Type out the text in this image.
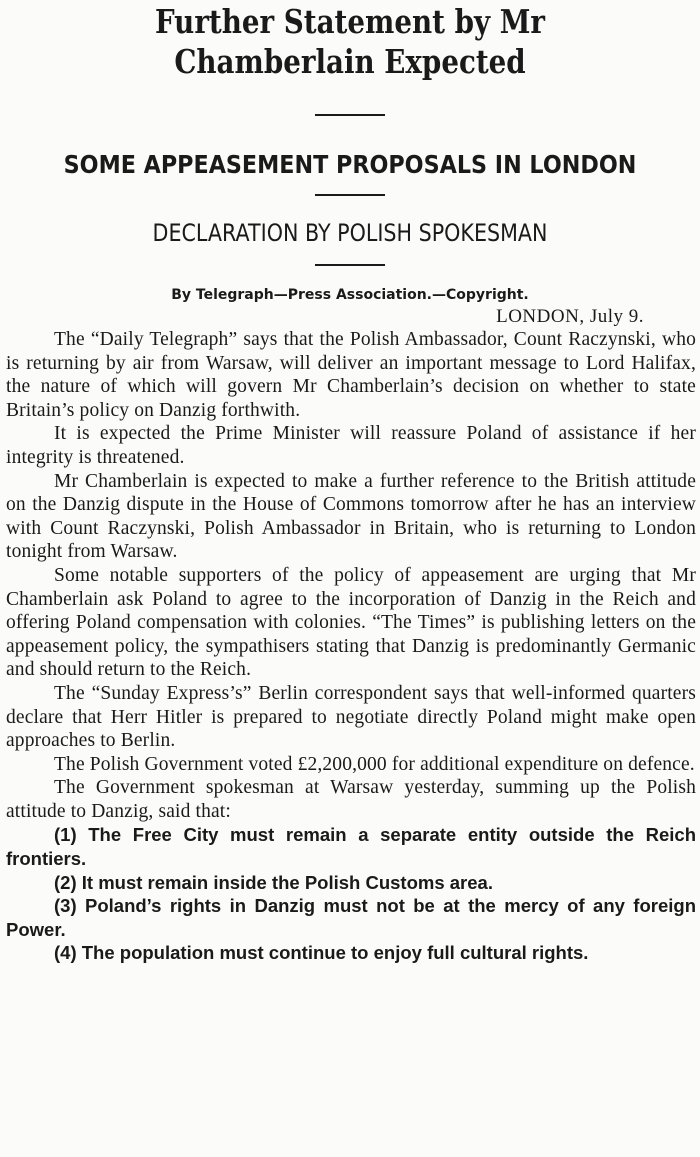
Further Statement by Mr Chamberlain Expected
SOME APPEASEMENT PROPOSALS IN LONDON
DECLARATION BY POLISH SPOKESMAN

By Telegraph—Press Association.—Copyright.

LONDON, July 9.

The “Daily Telegraph” says that the Polish Ambassador, Count Raczynski, who is returning by air from Warsaw, will deliver an important message to Lord Halifax, the nature of which will govern Mr Chamberlain’s decision on whether to state Britain’s policy on Danzig forthwith.

It is expected the Prime Minister will reassure Poland of assistance if her integrity is threatened.

Mr Chamberlain is expected to make a further reference to the British attitude on the Danzig dispute in the House of Commons tomorrow after he has an interview with Count Raczynski, Polish Ambassador in Britain, who is returning to London tonight from Warsaw.

Some notable supporters of the policy of appeasement are urging that Mr Chamberlain ask Poland to agree to the incorporation of Danzig in the Reich and offering Poland compensation with colonies. “The Times” is publishing letters on the appeasement policy, the sympathisers stating that Danzig is predominantly Germanic and should return to the Reich.

The “Sunday Express’s” Berlin correspondent says that well-informed quarters declare that Herr Hitler is prepared to negotiate directly Poland might make open approaches to Berlin.

The Polish Government voted £2,200,000 for additional expenditure on defence.

The Government spokesman at Warsaw yesterday, summing up the Polish attitude to Danzig, said that:

(1) The Free City must remain a separate entity outside the Reich frontiers.

(2) It must remain inside the Polish Customs area.

(3) Poland’s rights in Danzig must not be at the mercy of any foreign Power.

(4) The population must continue to enjoy full cultural rights.
